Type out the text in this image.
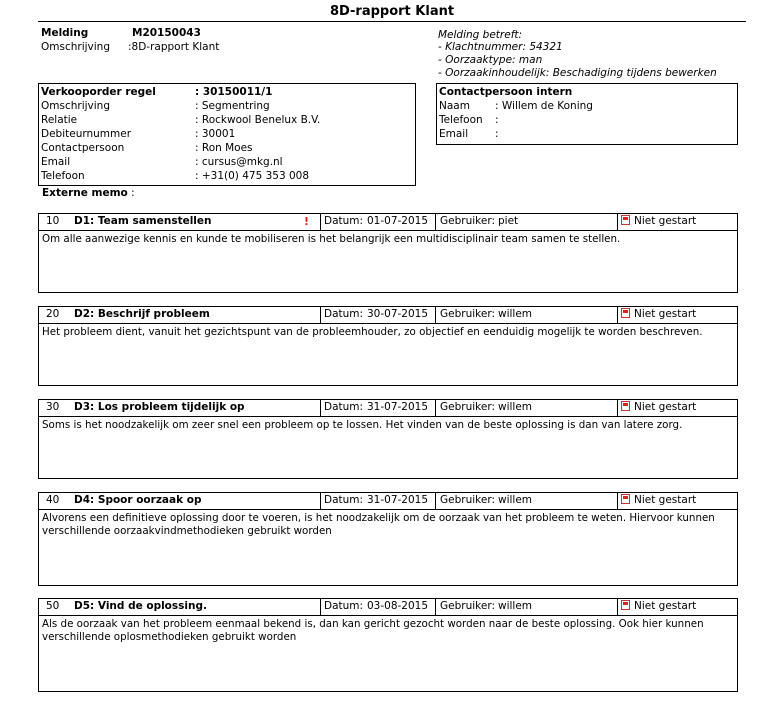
8D-rapport Klant
Melding	M20150043
Omschrijving :8D-rapport Klant
Melding betreft:
- Klachtnummer: 54321
- Oorzaaktype: man
- Oorzaakinhoudelijk: Beschadiging tijdens bewerken
Verkooporder regel	: 30150011/1
Omschrijving	: Segmentring
Relatie	: Rockwool Benelux B.V.
Debiteurnummer	: 30001
Contactpersoon	: Ron Moes
Email	: cursus@mkg.nl
Telefoon	: +31(0) 475 353 008
Contactpersoon intern
Naam : Willem de Koning
Telefoon :
Email	:
Externe memo :
10 D1: Team samenstellen	! Datum: 01-07-2015 Gebruiker: piet	Niet gestart
Om alle aanwezige kennis en kunde te mobiliseren is het belangrijk een multidisciplinair team samen te stellen.
20 D2: Beschrijf probleem	Datum: 30-07-2015 Gebruiker: willem	Niet gestart
Het probleem dient, vanuit het gezichtspunt van de probleemhouder, zo objectief en eenduidig mogelijk te worden beschreven.
30 D3: Los probleem tijdelijk op	Datum: 31-07-2015 Gebruiker: willem	Niet gestart
Soms is het noodzakelijk om zeer snel een probleem op te lossen. Het vinden van de beste oplossing is dan van latere zorg.
40 D4: Spoor oorzaak op	Datum: 31-07-2015 Gebruiker: willem	Niet gestart
Alvorens een definitieve oplossing door te voeren, is het noodzakelijk om de oorzaak van het probleem te weten. Hiervoor kunnen verschillende oorzaakvindmethodieken gebruikt worden
50 D5: Vind de oplossing.	Datum: 03-08-2015 Gebruiker: willem	Niet gestart
Als de oorzaak van het probleem eenmaal bekend is, dan kan gericht gezocht worden naar de beste oplossing. Ook hier kunnen verschillende oplosmethodieken gebruikt worden
